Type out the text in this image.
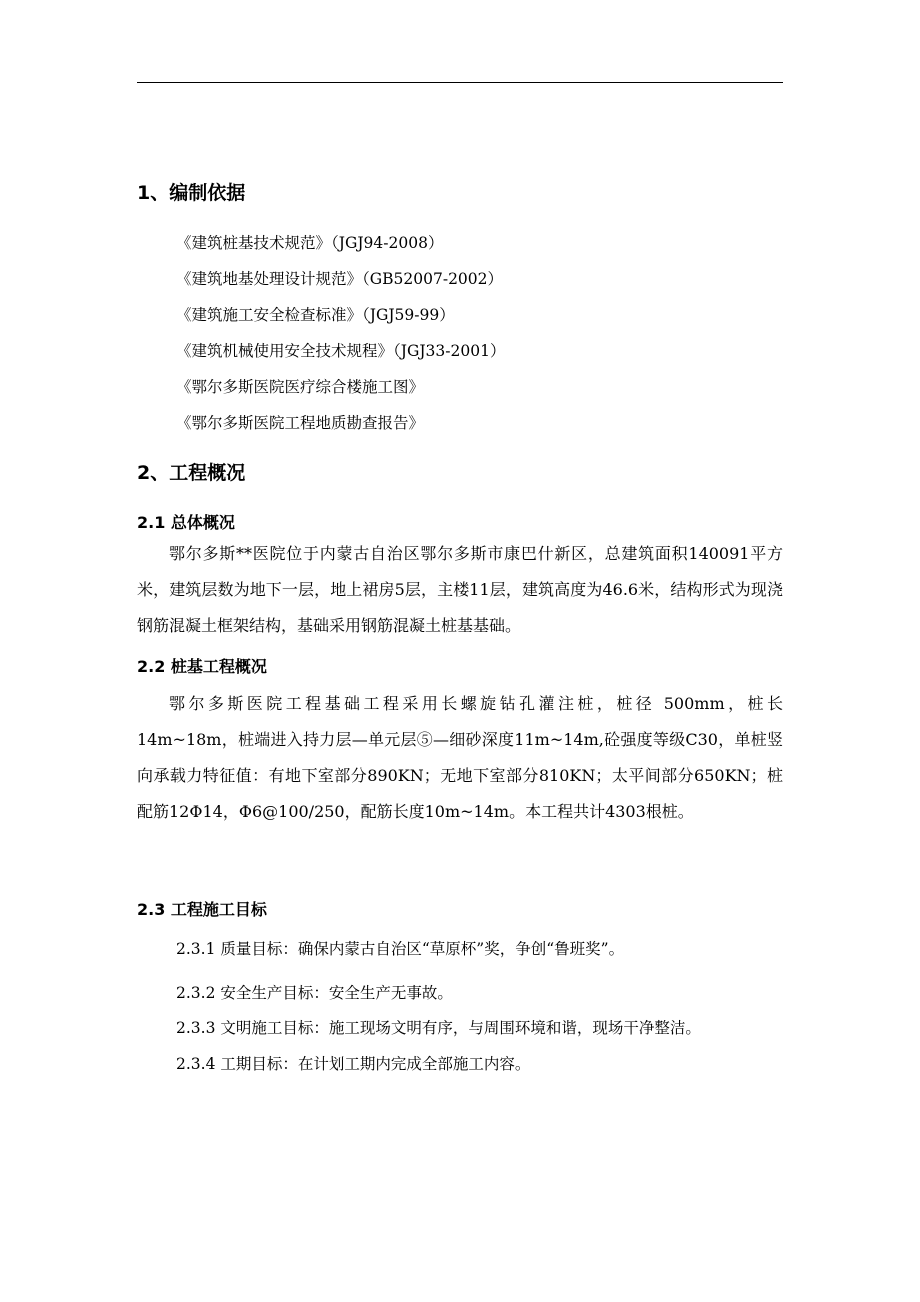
1、编制依据
《建筑桩基技术规范》（JGJ94-2008）
《建筑地基处理设计规范》（GB52007-2002）
《建筑施工安全检查标准》（JGJ59-99）
《建筑机械使用安全技术规程》（JGJ33-2001）
《鄂尔多斯医院医疗综合楼施工图》
《鄂尔多斯医院工程地质勘查报告》
2、工程概况
2.1 总体概况

鄂尔多斯**医院位于内蒙古自治区鄂尔多斯市康巴什新区，总建筑面积140091平方米，建筑层数为地下一层，地上裙房5层，主楼11层，建筑高度为46.6米，结构形式为现浇钢筋混凝土框架结构，基础采用钢筋混凝土桩基基础。

2.2 桩基工程概况

鄂尔多斯医院工程基础工程采用长螺旋钻孔灌注桩，桩径 500mm，桩长14m~18m，桩端进入持力层—单元层⑤—细砂深度11m~14m,砼强度等级C30，单桩竖向承载力特征值：有地下室部分890KN；无地下室部分810KN；太平间部分650KN；桩配筋12Φ14，Φ6@100/250，配筋长度10m~14m。本工程共计4303根桩。

2.3 工程施工目标
2.3.1 质量目标：确保内蒙古自治区“草原杯”奖，争创“鲁班奖”。
2.3.2 安全生产目标：安全生产无事故。
2.3.3 文明施工目标：施工现场文明有序，与周围环境和谐，现场干净整洁。
2.3.4 工期目标：在计划工期内完成全部施工内容。
